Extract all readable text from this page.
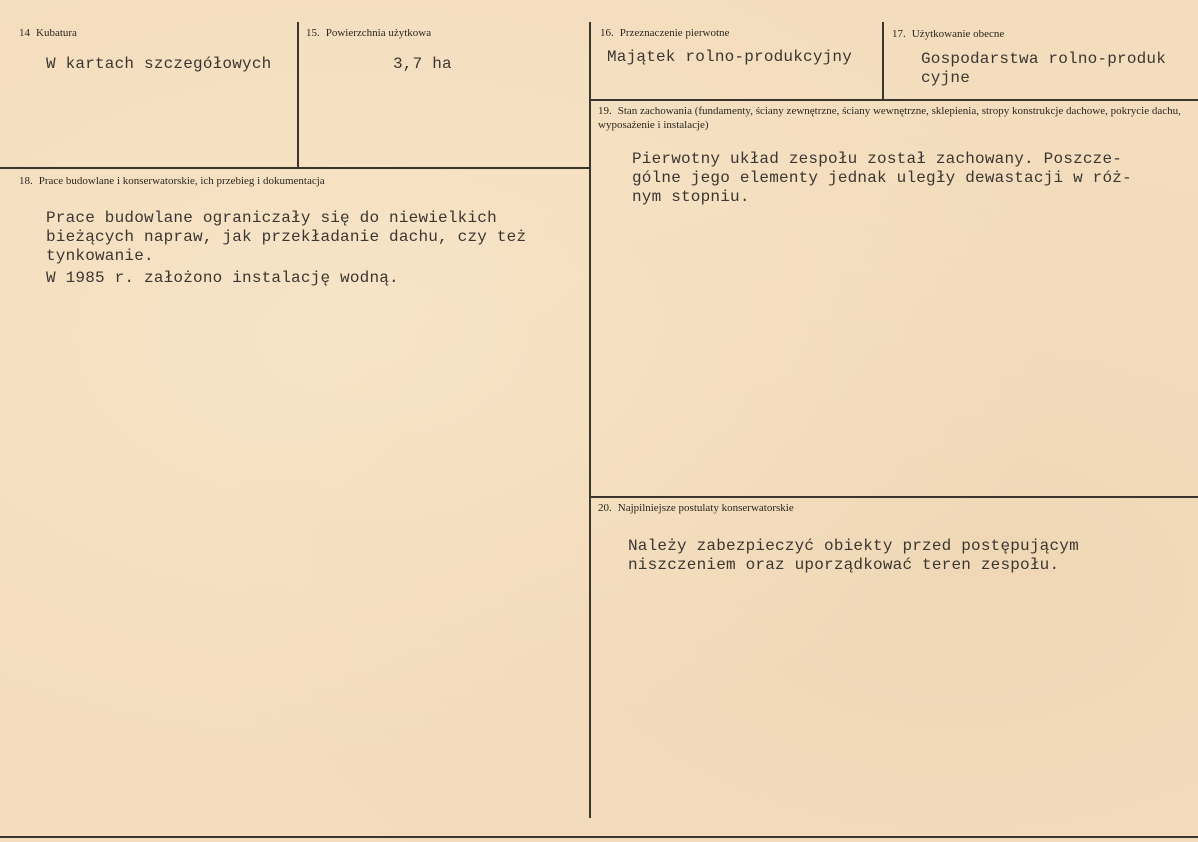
14 Kubatura
W kartach szczegółowych
15. Powierzchnia użytkowa
3,7 ha
16. Przeznaczenie pierwotne
Majątek rolno-produkcyjny
17. Użytkowanie obecne
Gospodarstwa rolno-produk
cyjne
18. Prace budowlane i konserwatorskie, ich przebieg i dokumentacja
Prace budowlane ograniczały się do niewielkich
bieżących napraw, jak przekładanie dachu, czy też
tynkowanie.
W 1985 r. założono instalację wodną.
19. Stan zachowania (fundamenty, ściany zewnętrzne, ściany wewnętrzne, sklepienia, stropy konstrukcje dachowe, pokrycie dachu, wyposażenie i instalacje)
Pierwotny układ zespołu został zachowany. Poszcze-
gólne jego elementy jednak uległy dewastacji w róż-
nym stopniu.
20. Najpilniejsze postulaty konserwatorskie
Należy zabezpieczyć obiekty przed postępującym
niszczeniem oraz uporządkować teren zespołu.
